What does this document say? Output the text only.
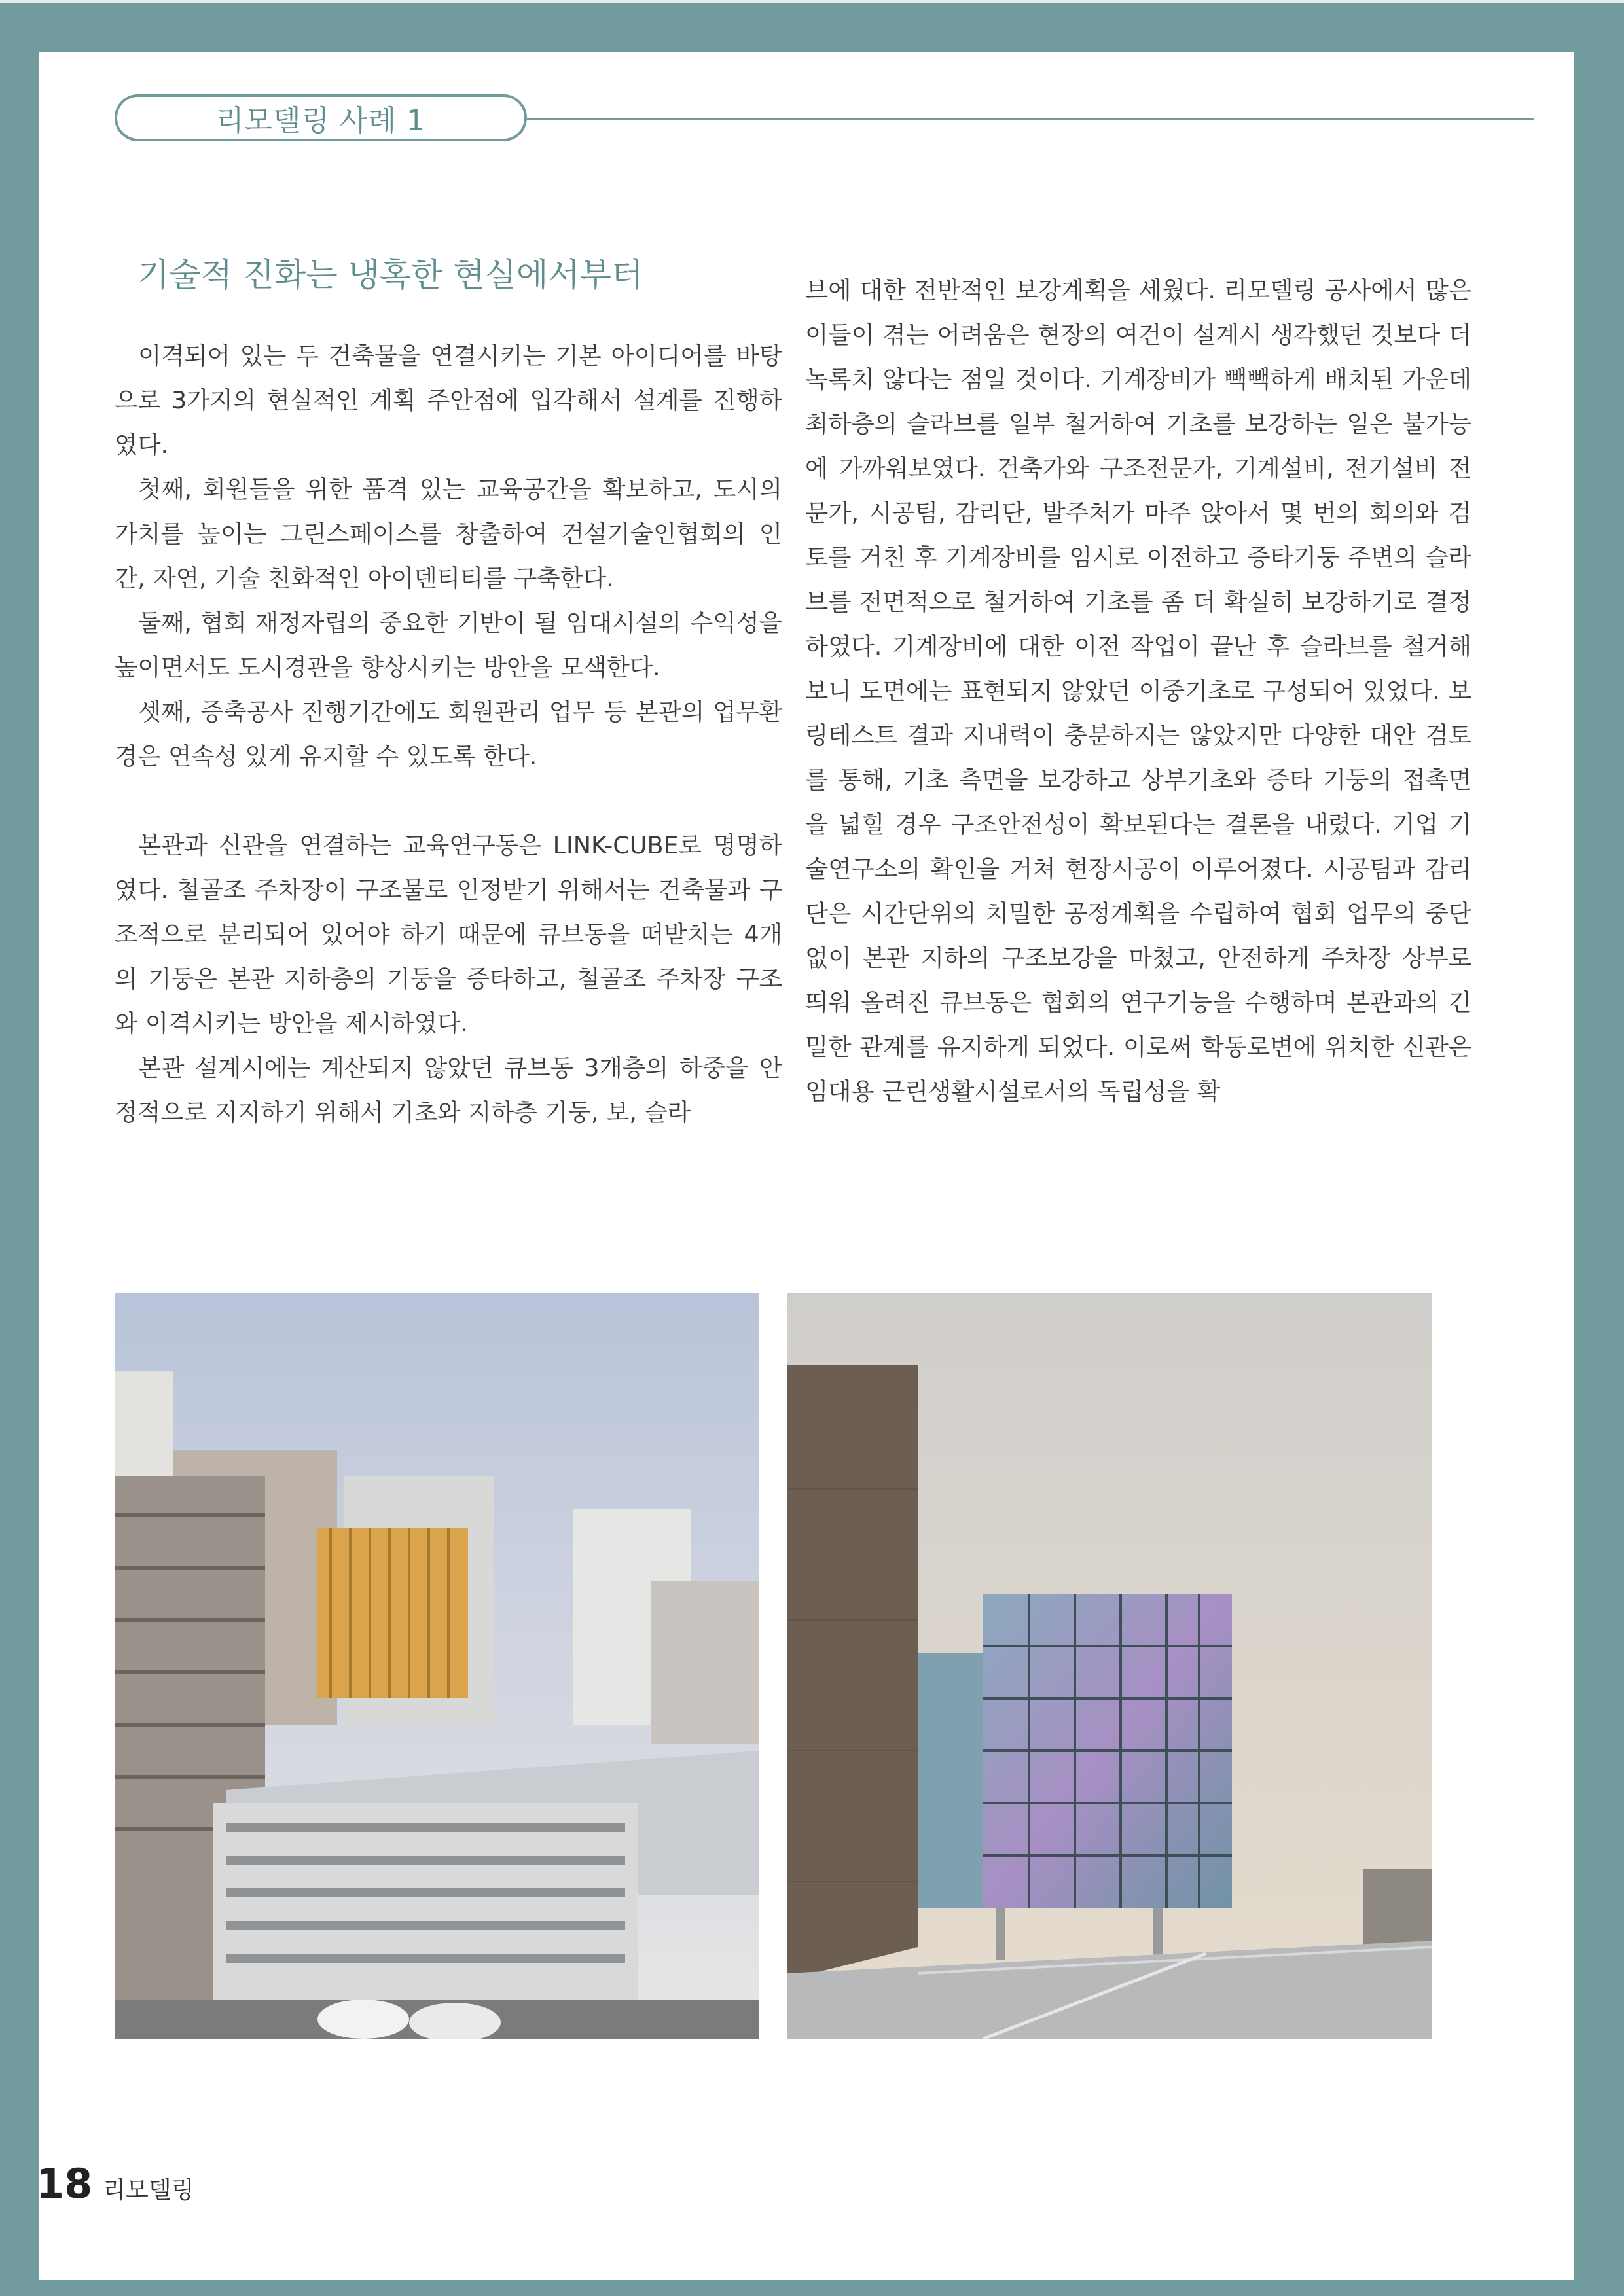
리모델링 사례 1
기술적 진화는 냉혹한 현실에서부터

이격되어 있는 두 건축물을 연결시키는 기본 아이디어를 바탕으로 3가지의 현실적인 계획 주안점에 입각해서 설계를 진행하였다.

첫째, 회원들을 위한 품격 있는 교육공간을 확보하고, 도시의 가치를 높이는 그린스페이스를 창출하여 건설기술인협회의 인간, 자연, 기술 친화적인 아이덴티티를 구축한다.

둘째, 협회 재정자립의 중요한 기반이 될 임대시설의 수익성을 높이면서도 도시경관을 향상시키는 방안을 모색한다.

셋째, 증축공사 진행기간에도 회원관리 업무 등 본관의 업무환경은 연속성 있게 유지할 수 있도록 한다.

본관과 신관을 연결하는 교육연구동은 LINK-CUBE로 명명하였다. 철골조 주차장이 구조물로 인정받기 위해서는 건축물과 구조적으로 분리되어 있어야 하기 때문에 큐브동을 떠받치는 4개의 기둥은 본관 지하층의 기둥을 증타하고, 철골조 주차장 구조와 이격시키는 방안을 제시하였다.

본관 설계시에는 계산되지 않았던 큐브동 3개층의 하중을 안정적으로 지지하기 위해서 기초와 지하층 기둥, 보, 슬라

브에 대한 전반적인 보강계획을 세웠다. 리모델링 공사에서 많은 이들이 겪는 어려움은 현장의 여건이 설계시 생각했던 것보다 더 녹록치 않다는 점일 것이다. 기계장비가 빽빽하게 배치된 가운데 최하층의 슬라브를 일부 철거하여 기초를 보강하는 일은 불가능에 가까워보였다. 건축가와 구조전문가, 기계설비, 전기설비 전문가, 시공팀, 감리단, 발주처가 마주 앉아서 몇 번의 회의와 검토를 거친 후 기계장비를 임시로 이전하고 증타기둥 주변의 슬라브를 전면적으로 철거하여 기초를 좀 더 확실히 보강하기로 결정하였다. 기계장비에 대한 이전 작업이 끝난 후 슬라브를 철거해보니 도면에는 표현되지 않았던 이중기초로 구성되어 있었다. 보링테스트 결과 지내력이 충분하지는 않았지만 다양한 대안 검토를 통해, 기초 측면을 보강하고 상부기초와 증타 기둥의 접촉면을 넓힐 경우 구조안전성이 확보된다는 결론을 내렸다. 기업 기술연구소의 확인을 거쳐 현장시공이 이루어졌다. 시공팀과 감리단은 시간단위의 치밀한 공정계획을 수립하여 협회 업무의 중단 없이 본관 지하의 구조보강을 마쳤고, 안전하게 주차장 상부로 띄워 올려진 큐브동은 협회의 연구기능을 수행하며 본관과의 긴밀한 관계를 유지하게 되었다. 이로써 학동로변에 위치한 신관은 임대용 근린생활시설로서의 독립성을 확

18 리모델링
